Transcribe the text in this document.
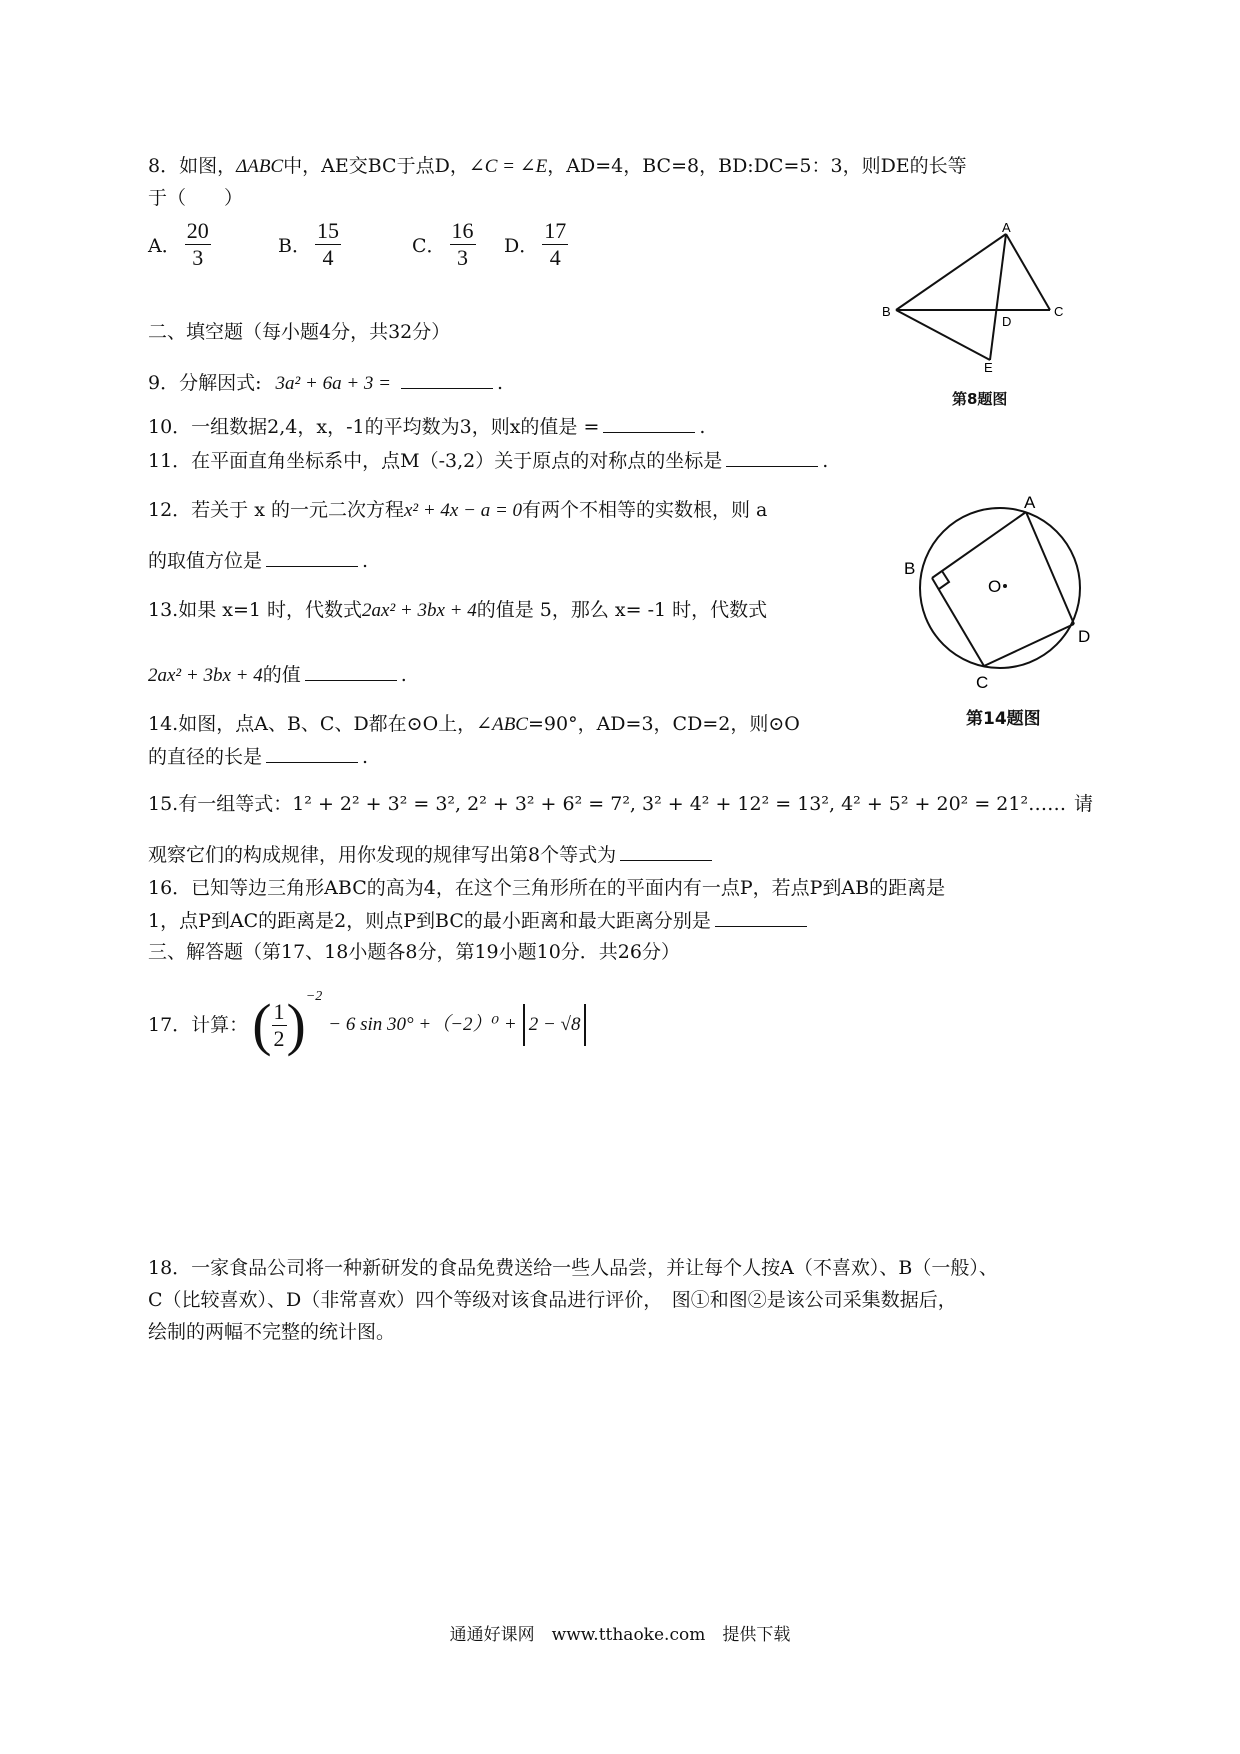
8．如图，ΔABC中，AE交BC于点D，∠C = ∠E，AD=4，BC=8，BD:DC=5：3，则DE的长等
于（　　）
A． $\frac{20}{3}$	B． $\frac{15}{4}$	C． $\frac{16}{3}$ D． $\frac{17}{4}$	A
B	C
D
E
第8题图
二、填空题（每小题4分，共32分）
9．分解因式: 3a² + 6a + 3 =	.
10．一组数据2,4，x，-1的平均数为3，则x的值是 =	.
11．在平面直角坐标系中，点M（-3,2）关于原点的对称点的坐标是	.
12．若关于 x 的一元二次方程x² + 4x − a = 0有两个不相等的实数根，则 a
的取值方位是	.
13.如果 x=1 时，代数式2ax² + 3bx + 4的值是 5，那么 x= -1 时，代数式
2ax² + 3bx + 4的值	.
A
B
C
D
O
第14题图
14.如图，点A、B、C、D都在⊙O上，∠ABC=90°，AD=3，CD=2，则⊙O
的直径的长是	.
15.有一组等式：1² + 2² + 3² = 3², 2² + 3² + 6² = 7², 3² + 4² + 12² = 13², 4² + 5² + 20² = 21²…… 请
观察它们的构成规律，用你发现的规律写出第8个等式为
16．已知等边三角形ABC的高为4，在这个三角形所在的平面内有一点P，若点P到AB的距离是
1，点P到AC的距离是2，则点P到BC的最小距离和最大距离分别是
三、解答题（第17、18小题各8分，第19小题10分．共26分）
17．计算： ( $\frac{1}{2}$ ) −2
− 6 sin 30° +（−2）⁰ + 2 − √8
18．一家食品公司将一种新研发的食品免费送给一些人品尝，并让每个人按A（不喜欢）、B（一般）、
C（比较喜欢）、D（非常喜欢）四个等级对该食品进行评价，　图①和图②是该公司采集数据后，
绘制的两幅不完整的统计图。
通通好课网　www.tthaoke.com　提供下载
